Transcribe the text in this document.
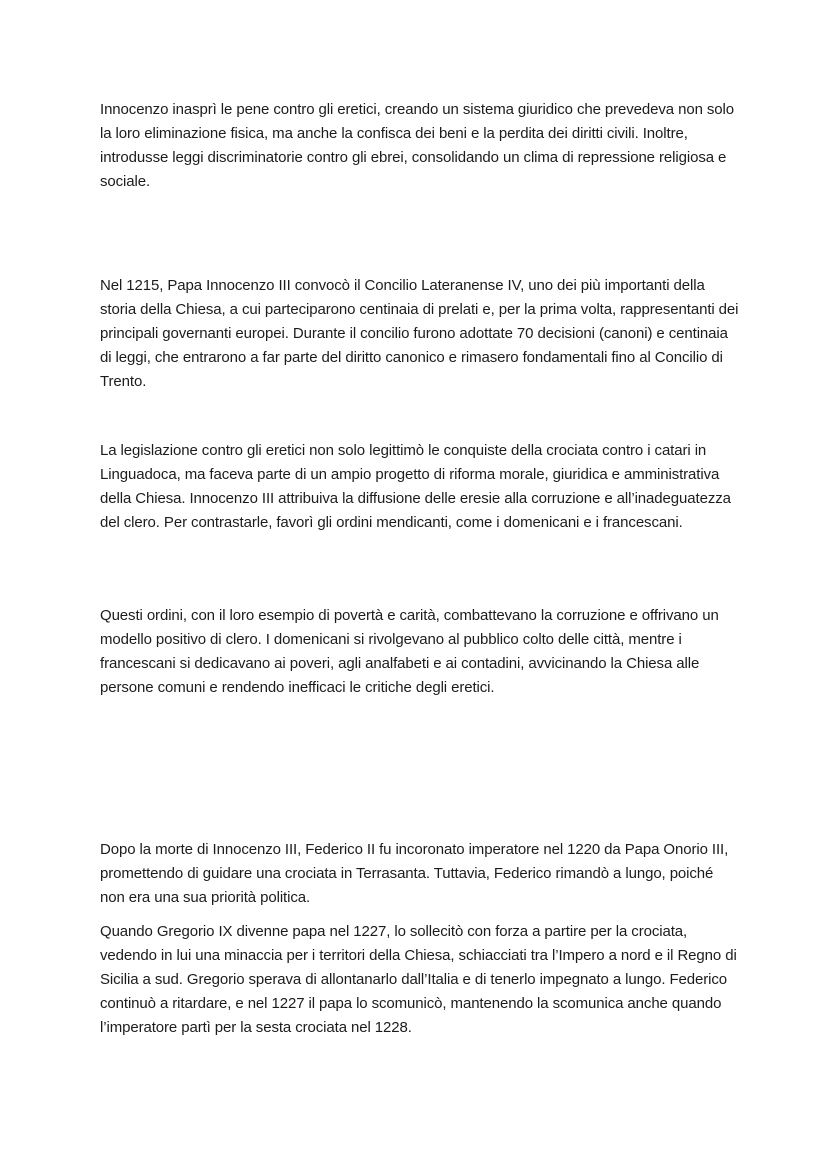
Innocenzo inasprì le pene contro gli eretici, creando un sistema giuridico che prevedeva non solo la loro eliminazione fisica, ma anche la confisca dei beni e la perdita dei diritti civili. Inoltre, introdusse leggi discriminatorie contro gli ebrei, consolidando un clima di repressione religiosa e sociale.

Nel 1215, Papa Innocenzo III convocò il Concilio Lateranense IV, uno dei più importanti della storia della Chiesa, a cui parteciparono centinaia di prelati e, per la prima volta, rappresentanti dei principali governanti europei. Durante il concilio furono adottate 70 decisioni (canoni) e centinaia di leggi, che entrarono a far parte del diritto canonico e rimasero fondamentali fino al Concilio di Trento.

La legislazione contro gli eretici non solo legittimò le conquiste della crociata contro i catari in Linguadoca, ma faceva parte di un ampio progetto di riforma morale, giuridica e amministrativa della Chiesa. Innocenzo III attribuiva la diffusione delle eresie alla corruzione e all’inadeguatezza del clero. Per contrastarle, favorì gli ordini mendicanti, come i domenicani e i francescani.

Questi ordini, con il loro esempio di povertà e carità, combattevano la corruzione e offrivano un modello positivo di clero. I domenicani si rivolgevano al pubblico colto delle città, mentre i francescani si dedicavano ai poveri, agli analfabeti e ai contadini, avvicinando la Chiesa alle persone comuni e rendendo inefficaci le critiche degli eretici.

Dopo la morte di Innocenzo III, Federico II fu incoronato imperatore nel 1220 da Papa Onorio III, promettendo di guidare una crociata in Terrasanta. Tuttavia, Federico rimandò a lungo, poiché non era una sua priorità politica.

Quando Gregorio IX divenne papa nel 1227, lo sollecitò con forza a partire per la crociata, vedendo in lui una minaccia per i territori della Chiesa, schiacciati tra l’Impero a nord e il Regno di Sicilia a sud. Gregorio sperava di allontanarlo dall’Italia e di tenerlo impegnato a lungo. Federico continuò a ritardare, e nel 1227 il papa lo scomunicò, mantenendo la scomunica anche quando l’imperatore partì per la sesta crociata nel 1228.
